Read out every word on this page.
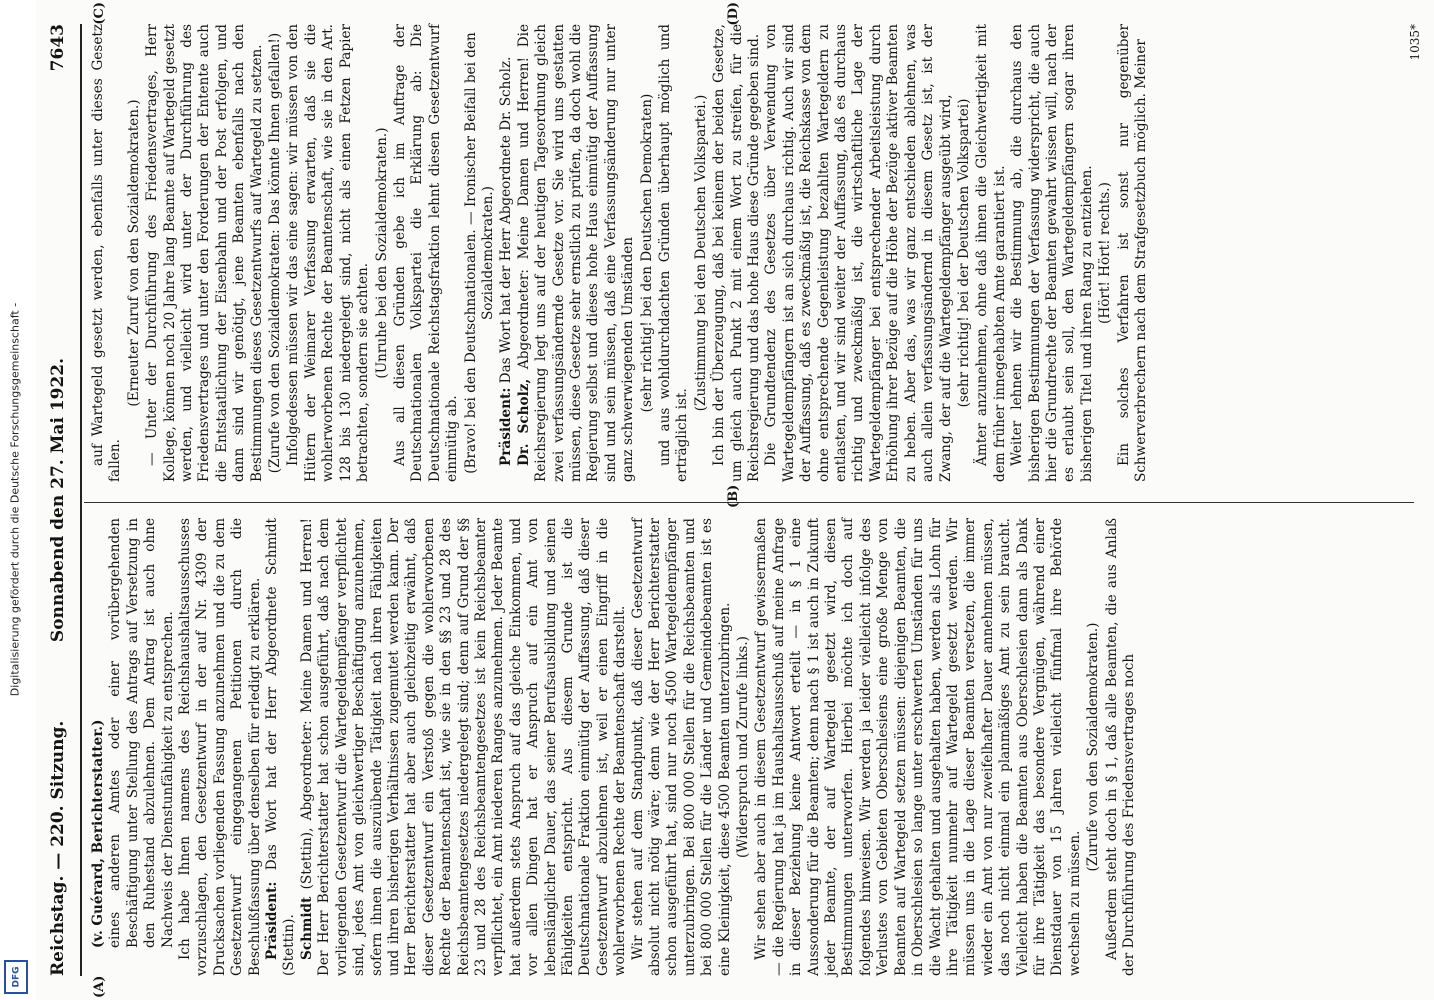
Digitalisierung gefördert durch die Deutsche Forschungsgemeinschaft -
DFG
Reichstag. — 220. Sitzung.
Sonnabend den 27. Mai 1922.
7643
(A)
(B)
(C)	(D)

(v. Guérard, Berichterstatter.) eines anderen Amtes oder einer vorübergehenden Beschäftigung unter Stellung des Antrags auf Versetzung in den Ruhestand abzulehnen. Dem Antrag ist auch ohne Nachweis der Dienstunfähigkeit zu entsprechen. Ich habe Ihnen namens des Reichshaushaltsausschusses vorzuschlagen, den Gesetzentwurf in der auf Nr. 4309 der Drucksachen vorliegenden Fassung anzunehmen und die zu dem Gesetzentwurf eingegangenen Petitionen durch die Beschlußfassung über denselben für erledigt zu erklären. Präsident: Das Wort hat der Herr Abgeordnete Schmidt (Stettin). Schmidt (Stettin), Abgeordneter: Meine Damen und Herren! Der Herr Berichterstatter hat schon ausgeführt, daß nach dem vorliegenden Gesetzentwurf die Wartegeldempfänger verpflichtet sind, jedes Amt von gleichwertiger Beschäftigung anzunehmen, sofern ihnen die auszuübende Tätigkeit nach ihren Fähigkeiten und ihren bisherigen Verhältnissen zugemutet werden kann. Der Herr Berichterstatter hat aber auch gleichzeitig erwähnt, daß dieser Gesetzentwurf ein Verstoß gegen die wohlerworbenen Rechte der Beamtenschaft ist, wie sie in den §§ 23 und 28 des Reichsbeamtengesetzes niedergelegt sind; denn auf Grund der §§ 23 und 28 des Reichsbeamtengesetzes ist kein Reichsbeamter verpflichtet, ein Amt niederen Ranges anzunehmen. Jeder Beamte hat außerdem stets Anspruch auf das gleiche Einkommen, und vor allen Dingen hat er Anspruch auf ein Amt von lebenslänglicher Dauer, das seiner Berufsausbildung und seinen Fähigkeiten entspricht. Aus diesem Grunde ist die Deutschnationale Fraktion einmütig der Auffassung, daß dieser Gesetzentwurf abzulehnen ist, weil er einen Eingriff in die wohlerworbenen Rechte der Beamtenschaft darstellt. Wir stehen auf dem Standpunkt, daß dieser Gesetzentwurf absolut nicht nötig wäre; denn wie der Herr Berichterstatter schon ausgeführt hat, sind nur noch 4500 Wartegeldempfänger unterzubringen. Bei 800 000 Stellen für die Reichsbeamten und bei 800 000 Stellen für die Länder und Gemeindebeamten ist es eine Kleinigkeit, diese 4500 Beamten unterzubringen. (Widerspruch und Zurufe links.) Wir sehen aber auch in diesem Gesetzentwurf gewissermaßen — die Regierung hat ja im Haushaltsausschuß auf meine Anfrage in dieser Beziehung keine Antwort erteilt — in § 1 eine Aussonderung für die Beamten; denn nach § 1 ist auch in Zukunft jeder Beamte, der auf Wartegeld gesetzt wird, diesen Bestimmungen unterworfen. Hierbei möchte ich doch auf folgendes hinweisen. Wir werden ja leider vielleicht infolge des Verlustes von Gebieten Oberschlesiens eine große Menge von Beamten auf Wartegeld setzen müssen: diejenigen Beamten, die in Oberschlesien so lange unter erschwerten Umständen für uns die Wacht gehalten und ausgehalten haben, werden als Lohn für ihre Tätigkeit nunmehr auf Wartegeld gesetzt werden. Wir müssen uns in die Lage dieser Beamten versetzen, die immer wieder ein Amt von nur zweifelhafter Dauer annehmen müssen, das noch nicht einmal ein planmäßiges Amt zu sein braucht. Vielleicht haben die Beamten aus Oberschlesien dann als Dank für ihre Tätigkeit das besondere Vergnügen, während einer Dienstdauer von 15 Jahren vielleicht fünfmal ihre Behörde wechseln zu müssen.

(Zurufe von den Sozialdemokraten.) Außerdem steht doch in § 1, daß alle Beamten, die aus Anlaß der Durchführung des Friedensvertrages noch

auf Wartegeld gesetzt werden, ebenfalls unter dieses Gesetz fallen.

(Erneuter Zuruf von den Sozialdemokraten.) — Unter der Durchführung des Friedensvertrages, Herr Kollege, können noch 20 Jahre lang Beamte auf Wartegeld gesetzt werden, und vielleicht wird unter der Durchführung des Friedensvertrages und unter den Forderungen der Entente auch die Entstaatlichung der Eisenbahn und der Post erfolgen, und dann sind wir genötigt, jene Beamten ebenfalls nach den Bestimmungen dieses Gesetzentwurfs auf Wartegeld zu setzen. (Zurufe von den Sozialdemokraten: Das könnte Ihnen gefallen!) Infolgedessen müssen wir das eine sagen: wir müssen von den Hütern der Weimarer Verfassung erwarten, daß sie die wohlerworbenen Rechte der Beamtenschaft, wie sie in den Art. 128 bis 130 niedergelegt sind, nicht als einen Fetzen Papier betrachten, sondern sie achten. (Unruhe bei den Sozialdemokraten.) Aus all diesen Gründen gebe ich im Auftrage der Deutschnationalen Volkspartei die Erklärung ab: Die Deutschnationale Reichstagsfraktion lehnt diesen Gesetzentwurf einmütig ab. (Bravo! bei den Deutschnationalen. — Ironischer Beifall bei den Sozialdemokraten.)

Präsident: Das Wort hat der Herr Abgeordnete Dr. Scholz.

Dr. Scholz, Abgeordneter: Meine Damen und Herren! Die Reichsregierung legt uns auf der heutigen Tagesordnung gleich zwei verfassungsändernde Gesetze vor. Sie wird uns gestatten müssen, diese Gesetze sehr ernstlich zu prüfen, da doch wohl die Regierung selbst und dieses hohe Haus einmütig der Auffassung sind und sein müssen, daß eine Verfassungsänderung nur unter ganz schwerwiegenden Umständen (sehr richtig! bei den Deutschen Demokraten) und aus wohldurchdachten Gründen überhaupt möglich und erträglich ist.

(Zustimmung bei den Deutschen Volkspartei.) Ich bin der Überzeugung, daß bei keinem der beiden Gesetze, um gleich auch Punkt 2 mit einem Wort zu streifen, für die Reichsregierung und das hohe Haus diese Gründe gegeben sind. Die Grundtendenz des Gesetzes über Verwendung von Wartegeldempfängern ist an sich durchaus richtig. Auch wir sind der Auffassung, daß es zweckmäßig ist, die Reichskasse von dem ohne entsprechende Gegenleistung bezahlten Wartegeldern zu entlasten, und wir sind weiter der Auffassung, daß es durchaus richtig und zweckmäßig ist, die wirtschaftliche Lage der Wartegeldempfänger bei entsprechender Arbeitsleistung durch Erhöhung ihrer Bezüge auf die Höhe der Bezüge aktiver Beamten zu heben. Aber das, was wir ganz entschieden ablehnen, was auch allein verfassungsändernd in diesem Gesetz ist, ist der Zwang, der auf die Wartegeldempfänger ausgeübt wird, (sehr richtig! bei der Deutschen Volkspartei) Ämter anzunehmen, ohne daß ihnen die Gleichwertigkeit mit dem früher innegehabten Amte garantiert ist. Weiter lehnen wir die Bestimmung ab, die durchaus den bisherigen Bestimmungen der Verfassung widerspricht, die auch hier die Grundrechte der Beamten gewahrt wissen will, nach der es erlaubt sein soll, den Wartegeldempfängern sogar ihren bisherigen Titel und ihren Rang zu entziehen. (Hört! Hört! rechts.) Ein solches Verfahren ist sonst nur gegenüber Schwerverbrechern nach dem Strafgesetzbuch möglich. Meiner	1035*
